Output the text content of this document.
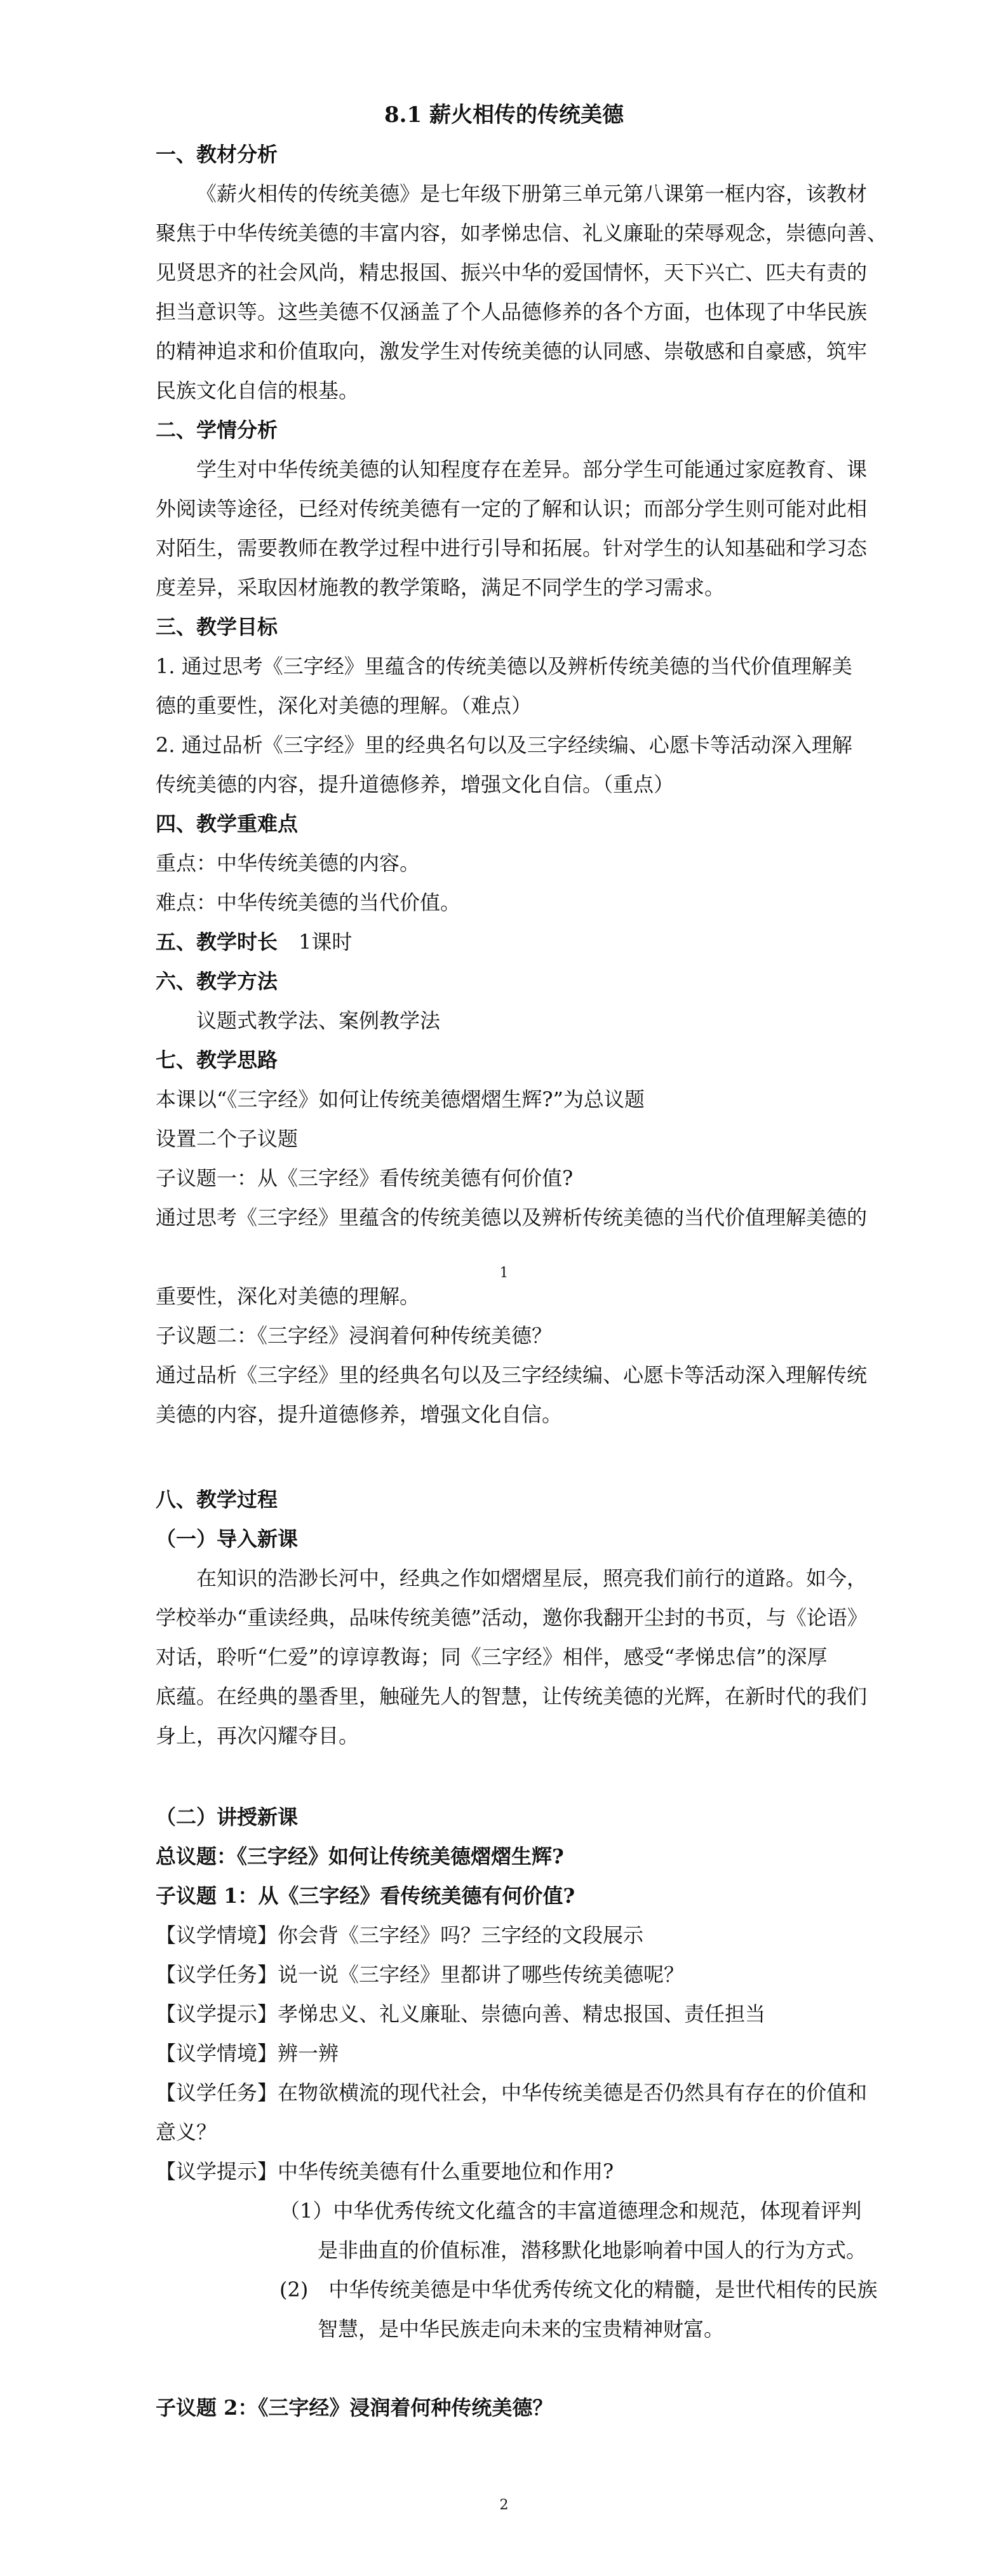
8.1 薪火相传的传统美德

一、教材分析

《薪火相传的传统美德》是七年级下册第三单元第八课第一框内容，该教材

聚焦于中华传统美德的丰富内容，如孝悌忠信、礼义廉耻的荣辱观念，崇德向善、

见贤思齐的社会风尚，精忠报国、振兴中华的爱国情怀，天下兴亡、匹夫有责的

担当意识等。这些美德不仅涵盖了个人品德修养的各个方面，也体现了中华民族

的精神追求和价值取向，激发学生对传统美德的认同感、崇敬感和自豪感，筑牢

民族文化自信的根基。

二、学情分析

学生对中华传统美德的认知程度存在差异。部分学生可能通过家庭教育、课

外阅读等途径，已经对传统美德有一定的了解和认识；而部分学生则可能对此相

对陌生，需要教师在教学过程中进行引导和拓展。针对学生的认知基础和学习态

度差异，采取因材施教的教学策略，满足不同学生的学习需求。

三、教学目标

1. 通过思考《三字经》里蕴含的传统美德以及辨析传统美德的当代价值理解美

德的重要性，深化对美德的理解。（难点）

2. 通过品析《三字经》里的经典名句以及三字经续编、心愿卡等活动深入理解

传统美德的内容，提升道德修养，增强文化自信。（重点）

四、教学重难点

重点：中华传统美德的内容。

难点：中华传统美德的当代价值。

五、教学时长	1课时

六、教学方法

议题式教学法、案例教学法

七、教学思路

本课以“《三字经》如何让传统美德熠熠生辉?”为总议题

设置二个子议题

子议题一：从《三字经》看传统美德有何价值?

通过思考《三字经》里蕴含的传统美德以及辨析传统美德的当代价值理解美德的

1

重要性，深化对美德的理解。

子议题二：《三字经》浸润着何种传统美德？

通过品析《三字经》里的经典名句以及三字经续编、心愿卡等活动深入理解传统

美德的内容，提升道德修养，增强文化自信。

八、教学过程

（一）导入新课

在知识的浩渺长河中，经典之作如熠熠星辰，照亮我们前行的道路。如今，

学校举办“重读经典，品味传统美德”活动，邀你我翻开尘封的书页，与《论语》

对话，聆听“仁爱”的谆谆教诲；同《三字经》相伴，感受“孝悌忠信”的深厚

底蕴。在经典的墨香里，触碰先人的智慧，让传统美德的光辉，在新时代的我们

身上，再次闪耀夺目。

（二）讲授新课

总议题：《三字经》如何让传统美德熠熠生辉?

子议题 1：从《三字经》看传统美德有何价值?

【议学情境】你会背《三字经》吗？三字经的文段展示

【议学任务】说一说《三字经》里都讲了哪些传统美德呢？

【议学提示】孝悌忠义、礼义廉耻、崇德向善、精忠报国、责任担当

【议学情境】辨一辨

【议学任务】在物欲横流的现代社会，中华传统美德是否仍然具有存在的价值和

意义？

【议学提示】中华传统美德有什么重要地位和作用?

（1）中华优秀传统文化蕴含的丰富道德理念和规范，体现着评判

是非曲直的价值标准，潜移默化地影响着中国人的行为方式。

(2)　中华传统美德是中华优秀传统文化的精髓，是世代相传的民族

智慧，是中华民族走向未来的宝贵精神财富。

子议题 2：《三字经》浸润着何种传统美德？

2
